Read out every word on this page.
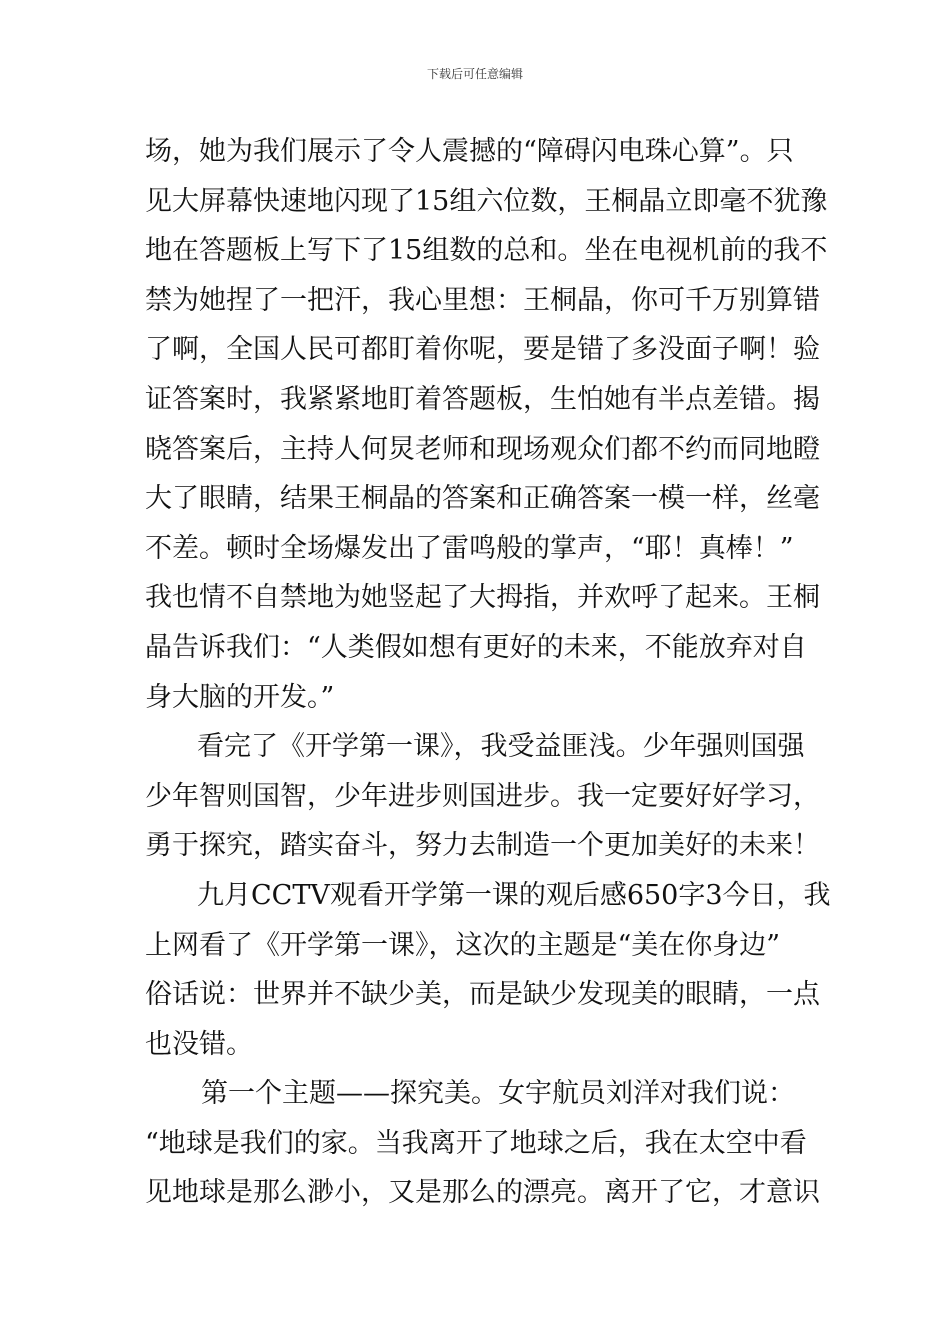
下载后可任意编辑
场，她为我们展示了令人震撼的“障碍闪电珠心算”。只
见大屏幕快速地闪现了15组六位数，王桐晶立即毫不犹豫
地在答题板上写下了15组数的总和。坐在电视机前的我不
禁为她捏了一把汗，我心里想：王桐晶，你可千万别算错
了啊，全国人民可都盯着你呢，要是错了多没面子啊！验
证答案时，我紧紧地盯着答题板，生怕她有半点差错。揭
晓答案后，主持人何炅老师和现场观众们都不约而同地瞪
大了眼睛，结果王桐晶的答案和正确答案一模一样，丝毫
不差。顿时全场爆发出了雷鸣般的掌声，“耶！真棒！”
我也情不自禁地为她竖起了大拇指，并欢呼了起来。王桐
晶告诉我们：“人类假如想有更好的未来，不能放弃对自
身大脑的开发。”
看完了《开学第一课》，我受益匪浅。少年强则国强
少年智则国智，少年进步则国进步。我一定要好好学习，
勇于探究，踏实奋斗，努力去制造一个更加美好的未来！
九月CCTV观看开学第一课的观后感650字3今日，我
上网看了《开学第一课》，这次的主题是“美在你身边”
俗话说：世界并不缺少美，而是缺少发现美的眼睛，一点
也没错。
第一个主题——探究美。女宇航员刘洋对我们说：
“地球是我们的家。当我离开了地球之后，我在太空中看
见地球是那么渺小，又是那么的漂亮。离开了它，才意识
